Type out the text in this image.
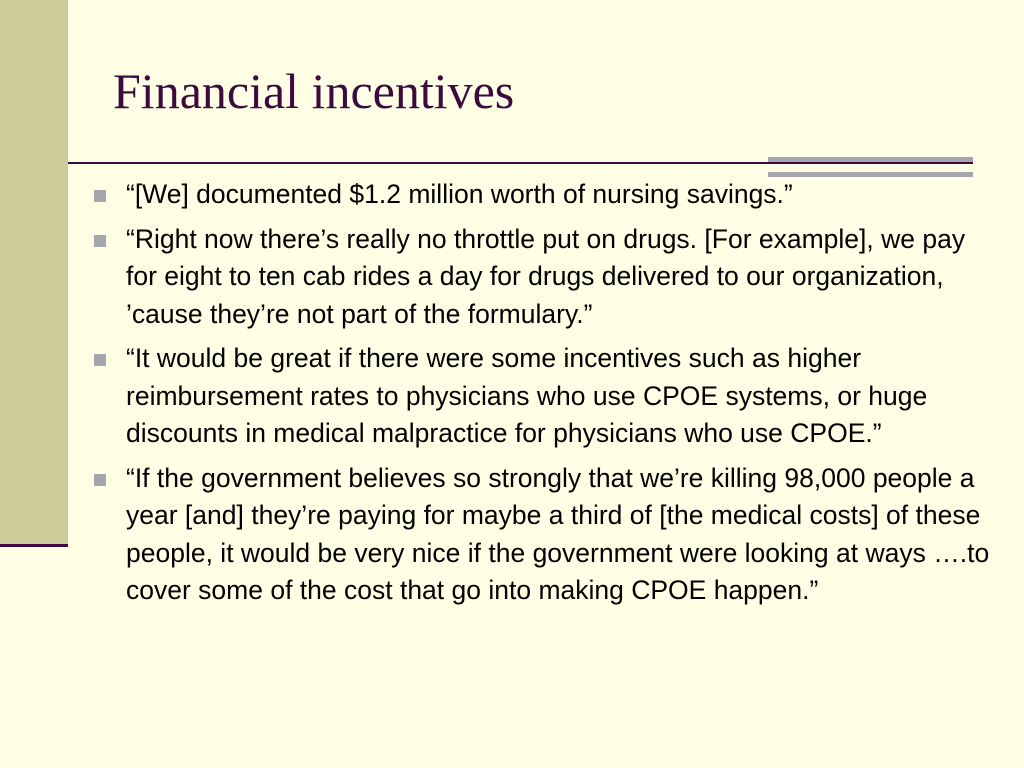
Financial incentives
“[We] documented $1.2 million worth of nursing savings.”
“Right now there’s really no throttle put on drugs. [For example], we pay for eight to ten cab rides a day for drugs delivered to our organization, ’cause they’re not part of the formulary.”
“It would be great if there were some incentives such as higher reimbursement rates to physicians who use CPOE systems, or huge discounts in medical malpractice for physicians who use CPOE.”
“If the government believes so strongly that we’re killing 98,000 people a year [and] they’re paying for maybe a third of [the medical costs] of these people, it would be very nice if the government were looking at ways ….to cover some of the cost that go into making CPOE happen.”
